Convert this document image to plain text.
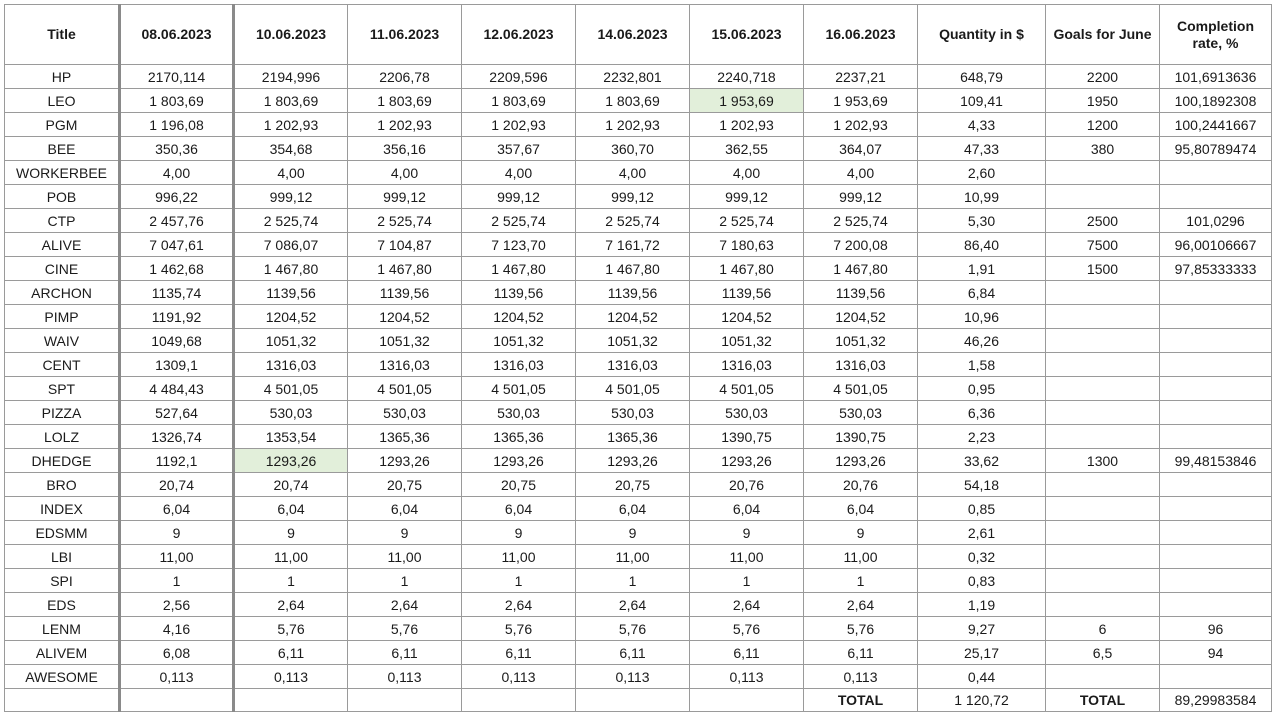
Title	08.06.2023	10.06.2023	11.06.2023	12.06.2023	14.06.2023	15.06.2023	16.06.2023	Quantity in $	Goals for June	Completion rate, %
HP	2170,114	2194,996	2206,78	2209,596	2232,801	2240,718	2237,21	648,79	2200	101,6913636
LEO	1 803,69	1 803,69	1 803,69	1 803,69	1 803,69	1 953,69	1 953,69	109,41	1950	100,1892308
PGM	1 196,08	1 202,93	1 202,93	1 202,93	1 202,93	1 202,93	1 202,93	4,33	1200	100,2441667
BEE	350,36	354,68	356,16	357,67	360,70	362,55	364,07	47,33	380	95,80789474
WORKERBEE	4,00	4,00	4,00	4,00	4,00	4,00	4,00	2,60		
POB	996,22	999,12	999,12	999,12	999,12	999,12	999,12	10,99		
CTP	2 457,76	2 525,74	2 525,74	2 525,74	2 525,74	2 525,74	2 525,74	5,30	2500	101,0296
ALIVE	7 047,61	7 086,07	7 104,87	7 123,70	7 161,72	7 180,63	7 200,08	86,40	7500	96,00106667
CINE	1 462,68	1 467,80	1 467,80	1 467,80	1 467,80	1 467,80	1 467,80	1,91	1500	97,85333333
ARCHON	1135,74	1139,56	1139,56	1139,56	1139,56	1139,56	1139,56	6,84		
PIMP	1191,92	1204,52	1204,52	1204,52	1204,52	1204,52	1204,52	10,96		
WAIV	1049,68	1051,32	1051,32	1051,32	1051,32	1051,32	1051,32	46,26		
CENT	1309,1	1316,03	1316,03	1316,03	1316,03	1316,03	1316,03	1,58		
SPT	4 484,43	4 501,05	4 501,05	4 501,05	4 501,05	4 501,05	4 501,05	0,95		
PIZZA	527,64	530,03	530,03	530,03	530,03	530,03	530,03	6,36		
LOLZ	1326,74	1353,54	1365,36	1365,36	1365,36	1390,75	1390,75	2,23		
DHEDGE	1192,1	1293,26	1293,26	1293,26	1293,26	1293,26	1293,26	33,62	1300	99,48153846
BRO	20,74	20,74	20,75	20,75	20,75	20,76	20,76	54,18		
INDEX	6,04	6,04	6,04	6,04	6,04	6,04	6,04	0,85		
EDSMM	9	9	9	9	9	9	9	2,61		
LBI	11,00	11,00	11,00	11,00	11,00	11,00	11,00	0,32		
SPI	1	1	1	1	1	1	1	0,83		
EDS	2,56	2,64	2,64	2,64	2,64	2,64	2,64	1,19		
LENM	4,16	5,76	5,76	5,76	5,76	5,76	5,76	9,27	6	96
ALIVEM	6,08	6,11	6,11	6,11	6,11	6,11	6,11	25,17	6,5	94
AWESOME	0,113	0,113	0,113	0,113	0,113	0,113	0,113	0,44		
							TOTAL	1 120,72	TOTAL	89,29983584
